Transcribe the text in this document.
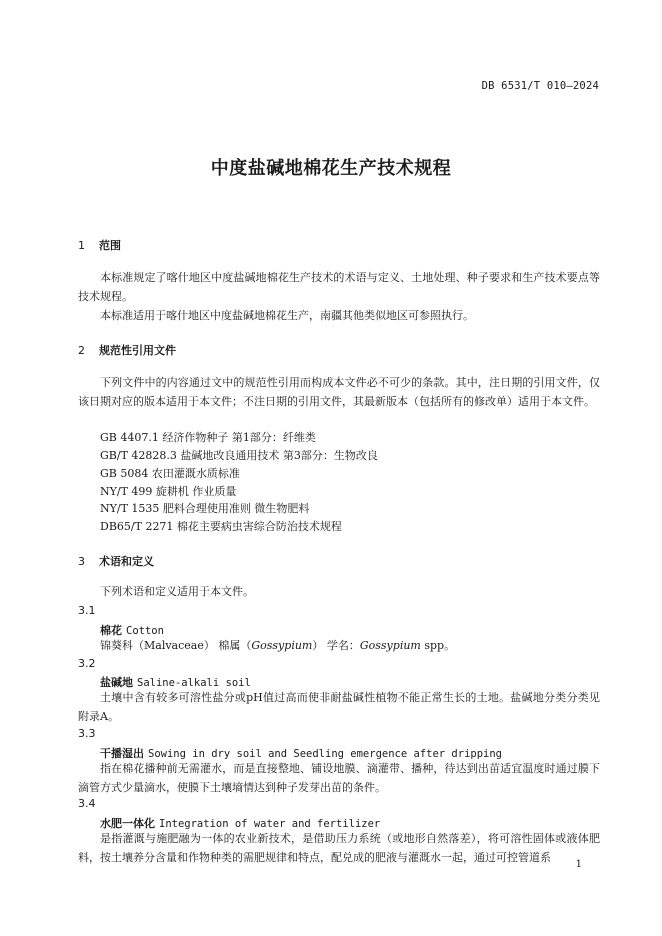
DB 6531/T 010—2024
中度盐碱地棉花生产技术规程
1 范围
本标准规定了喀什地区中度盐碱地棉花生产技术的术语与定义、土地处理、种子要求和生产技术要点等技术规程。
本标准适用于喀什地区中度盐碱地棉花生产，南疆其他类似地区可参照执行。
2 规范性引用文件
下列文件中的内容通过文中的规范性引用而构成本文件必不可少的条款。其中，注日期的引用文件，仅该日期对应的版本适用于本文件；不注日期的引用文件，其最新版本（包括所有的修改单）适用于本文件。
GB 4407.1 经济作物种子 第1部分：纤维类
GB/T 42828.3 盐碱地改良通用技术 第3部分：生物改良
GB 5084 农田灌溉水质标准
NY/T 499 旋耕机 作业质量
NY/T 1535 肥料合理使用准则 微生物肥料
DB65/T 2271 棉花主要病虫害综合防治技术规程
3 术语和定义
下列术语和定义适用于本文件。
3.1
棉花 Cotton
锦葵科（Malvaceae） 棉属（Gossypium） 学名：Gossypium spp。
3.2
盐碱地 Saline-alkali soil
土壤中含有较多可溶性盐分或pH值过高而使非耐盐碱性植物不能正常生长的土地。盐碱地分类分类见附录A。
3.3
干播湿出 Sowing in dry soil and Seedling emergence after dripping
指在棉花播种前无需灌水，而是直接整地、铺设地膜、滴灌带、播种，待达到出苗适宜温度时通过膜下滴管方式少量滴水，使膜下土壤墒情达到种子发芽出苗的条件。
3.4
水肥一体化 Integration of water and fertilizer
是指灌溉与施肥融为一体的农业新技术，是借助压力系统（或地形自然落差），将可溶性固体或液体肥料，按土壤养分含量和作物种类的需肥规律和特点，配兑成的肥液与灌溉水一起，通过可控管道系
1
